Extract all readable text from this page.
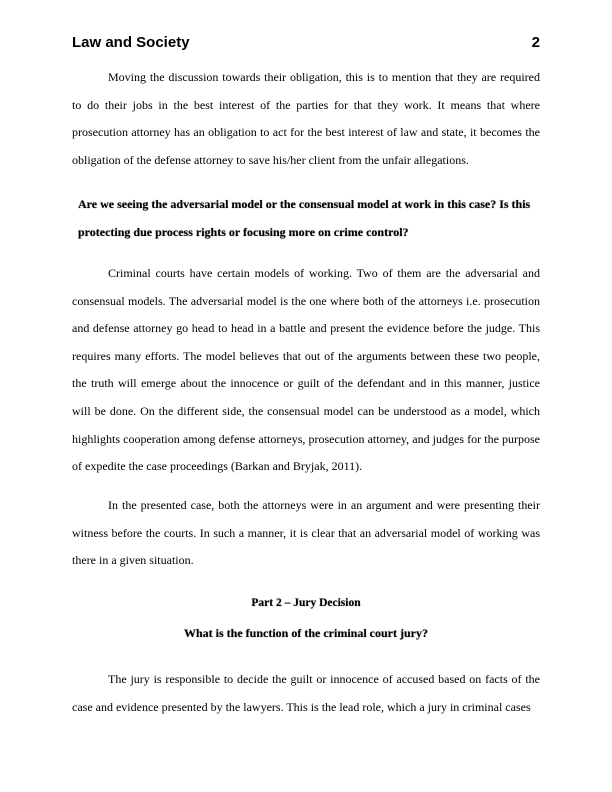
Law and Society	2

Moving the discussion towards their obligation, this is to mention that they are required to do their jobs in the best interest of the parties for that they work. It means that where prosecution attorney has an obligation to act for the best interest of law and state, it becomes the obligation of the defense attorney to save his/her client from the unfair allegations.

Are we seeing the adversarial model or the consensual model at work in this case? Is this protecting due process rights or focusing more on crime control?

Criminal courts have certain models of working. Two of them are the adversarial and consensual models. The adversarial model is the one where both of the attorneys i.e. prosecution and defense attorney go head to head in a battle and present the evidence before the judge. This requires many efforts. The model believes that out of the arguments between these two people, the truth will emerge about the innocence or guilt of the defendant and in this manner, justice will be done. On the different side, the consensual model can be understood as a model, which highlights cooperation among defense attorneys, prosecution attorney, and judges for the purpose of expedite the case proceedings (Barkan and Bryjak, 2011).

In the presented case, both the attorneys were in an argument and were presenting their witness before the courts. In such a manner, it is clear that an adversarial model of working was there in a given situation.

Part 2 – Jury Decision
What is the function of the criminal court jury?

The jury is responsible to decide the guilt or innocence of accused based on facts of the case and evidence presented by the lawyers. This is the lead role, which a jury in criminal cases
